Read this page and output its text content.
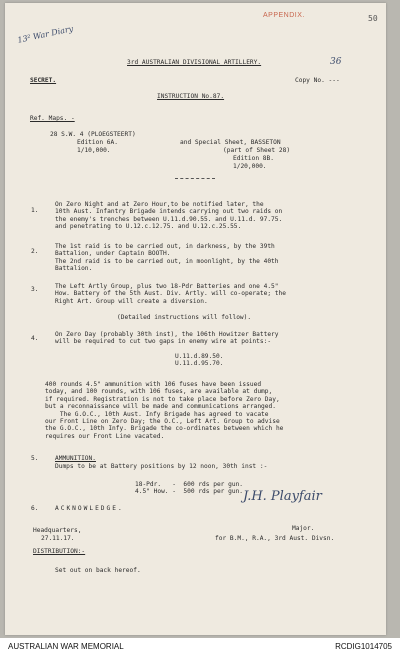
APPENDIX.	50
13² War Diary
3rd AUSTRALIAN DIVISIONAL ARTILLERY.
SECRET.	Copy No. ---
36
INSTRUCTION No.87.
Ref. Maps. -
28 S.W. 4 (PLOEGSTEERT)
and Special Sheet, BASSETON
Edition 6A.
(part of Sheet 28)
1/10,000.
Edition 8B.
1/20,000.
1.
On Zero Night and at Zero Hour,to be notified later, the
10th Aust. Infantry Brigade intends carrying out two raids on
the enemy's trenches between U.11.d.90.55. and U.11.d. 97.75.
and penetrating to U.12.c.12.75. and U.12.c.25.55.
2.
The 1st raid is to be carried out, in darkness, by the 39th
Battalion, under Captain BOOTH.
The 2nd raid is to be carried out, in moonlight, by the 40th
Battalion.
3.	The Left Artly Group, plus two 18-Pdr Batteries and one 4.5"
How. Battery of the 5th Aust. Div. Artly. will co-operate; the
Right Art. Group will create a diversion.
(Detailed instructions will follow).
4.
On Zero Day (probably 30th inst), the 106th Howitzer Battery
will be required to cut two gaps in enemy wire at points:-
U.11.d.89.50.
U.11.d.95.70.
400 rounds 4.5" ammunition with 106 fuses have been issued
today, and 100 rounds, with 106 fuses, are available at dump,
if required. Registration is not to take place before Zero Day,
but a reconnaissance will be made and communications arranged.
The G.O.C., 10th Aust. Infy Brigade has agreed to vacate
our Front Line on Zero Day; the O.C., Left Art. Group to advise
the G.O.C., 10th Infy. Brigade the co-ordinates between which he
requires our Front Line vacated.
5.	AMMUNITION.
Dumps to be at Battery positions by 12 noon, 30th inst :-
18-Pdr.   -  600 rds per gun.
4.5" How. -  500 rds per gun.
6.	ACKNOWLEDGE.
J.H. Playfair
Headquarters,
27.11.17.
Major.
for B.M., R.A., 3rd Aust. Divsn.
DISTRIBUTION:-
Set out on back hereof.
AUSTRALIAN WAR MEMORIAL	RCDIG1014705
